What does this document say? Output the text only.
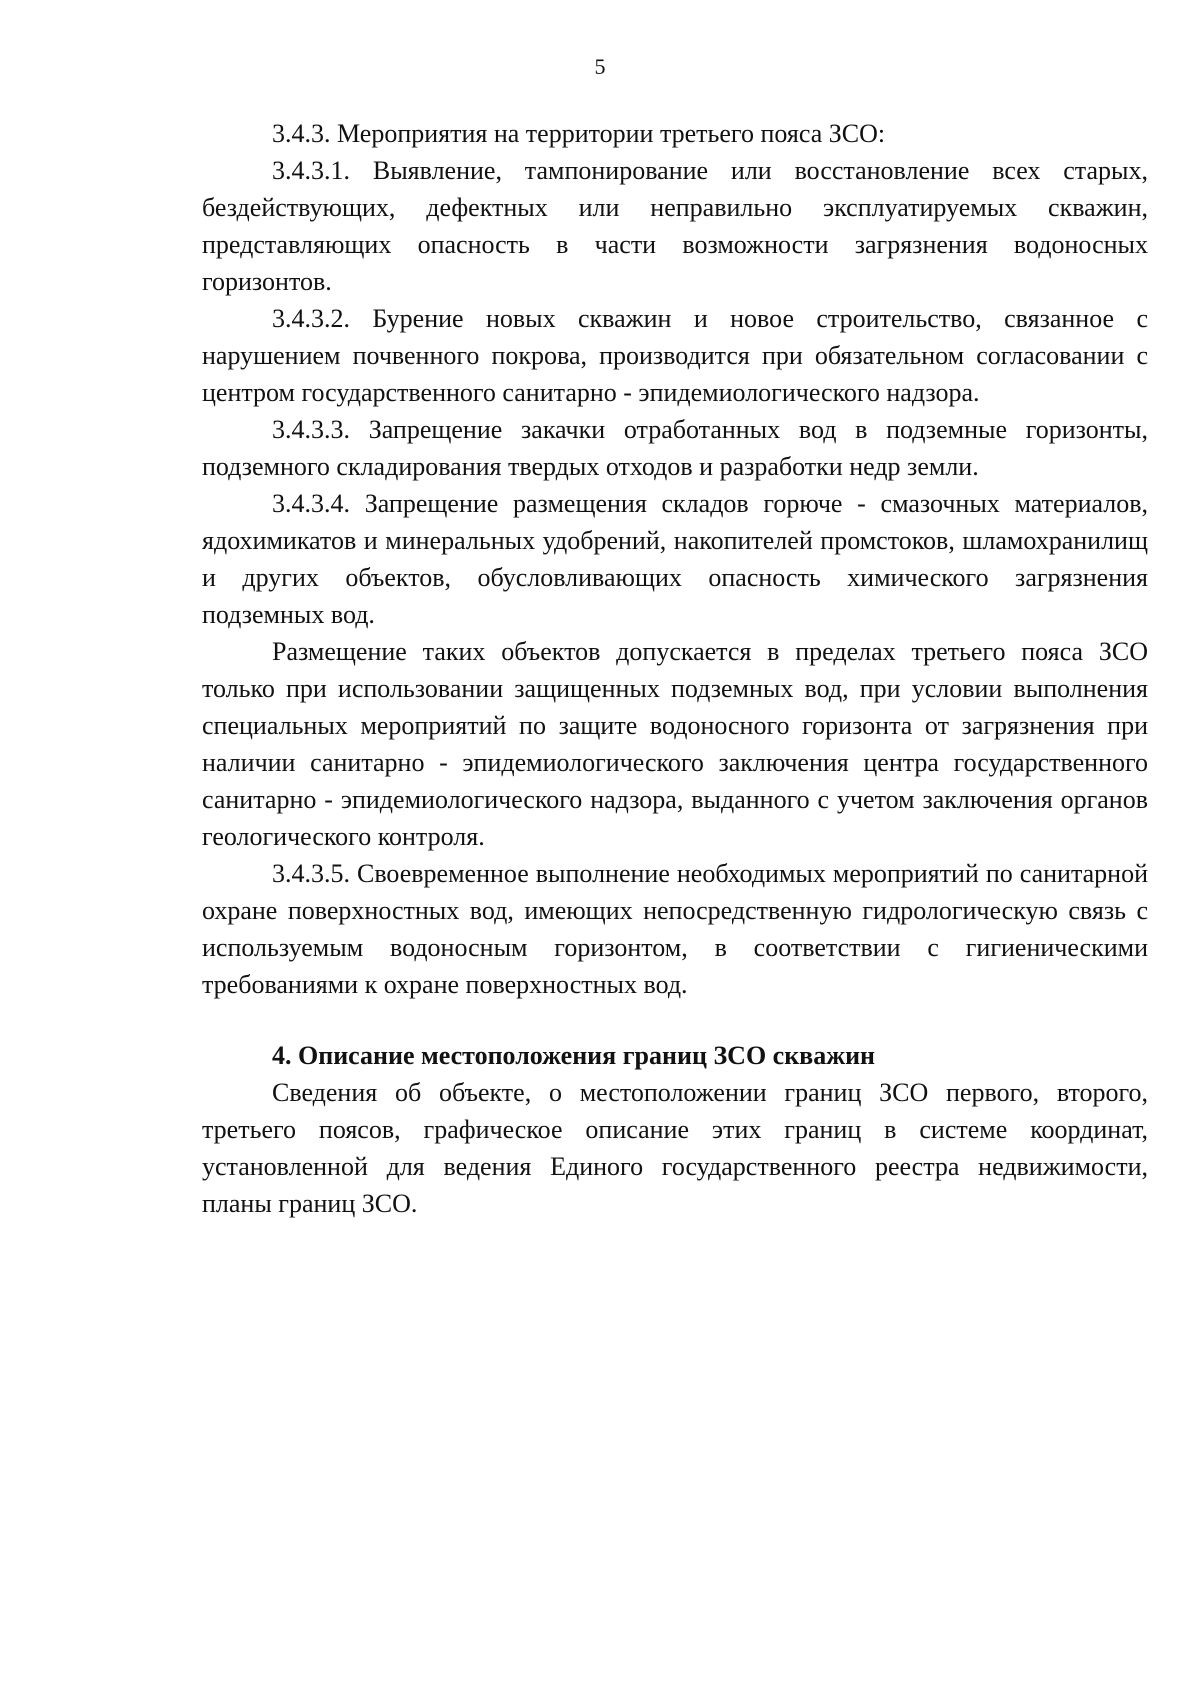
5

3.4.3. Мероприятия на территории третьего пояса ЗСО:

3.4.3.1. Выявление, тампонирование или восстановление всех старых, бездействующих, дефектных или неправильно эксплуатируемых скважин, представляющих опасность в части возможности загрязнения водоносных горизонтов.

3.4.3.2. Бурение новых скважин и новое строительство, связанное с нарушением почвенного покрова, производится при обязательном согласовании с центром государственного санитарно - эпидемиологического надзора.

3.4.3.3. Запрещение закачки отработанных вод в подземные горизонты, подземного складирования твердых отходов и разработки недр земли.

3.4.3.4. Запрещение размещения складов горюче - смазочных материалов, ядохимикатов и минеральных удобрений, накопителей промстоков, шламохранилищ и других объектов, обусловливающих опасность химического загрязнения подземных вод.

Размещение таких объектов допускается в пределах третьего пояса ЗСО только при использовании защищенных подземных вод, при условии выполнения специальных мероприятий по защите водоносного горизонта от загрязнения при наличии санитарно - эпидемиологического заключения центра государственного санитарно - эпидемиологического надзора, выданного с учетом заключения органов геологического контроля.

3.4.3.5. Своевременное выполнение необходимых мероприятий по санитарной охране поверхностных вод, имеющих непосредственную гидрологическую связь с используемым водоносным горизонтом, в соответствии с гигиеническими требованиями к охране поверхностных вод.

4. Описание местоположения границ ЗСО скважин

Сведения об объекте, о местоположении границ ЗСО первого, второго, третьего поясов, графическое описание этих границ в системе координат, установленной для ведения Единого государственного реестра недвижимости, планы границ ЗСО.
